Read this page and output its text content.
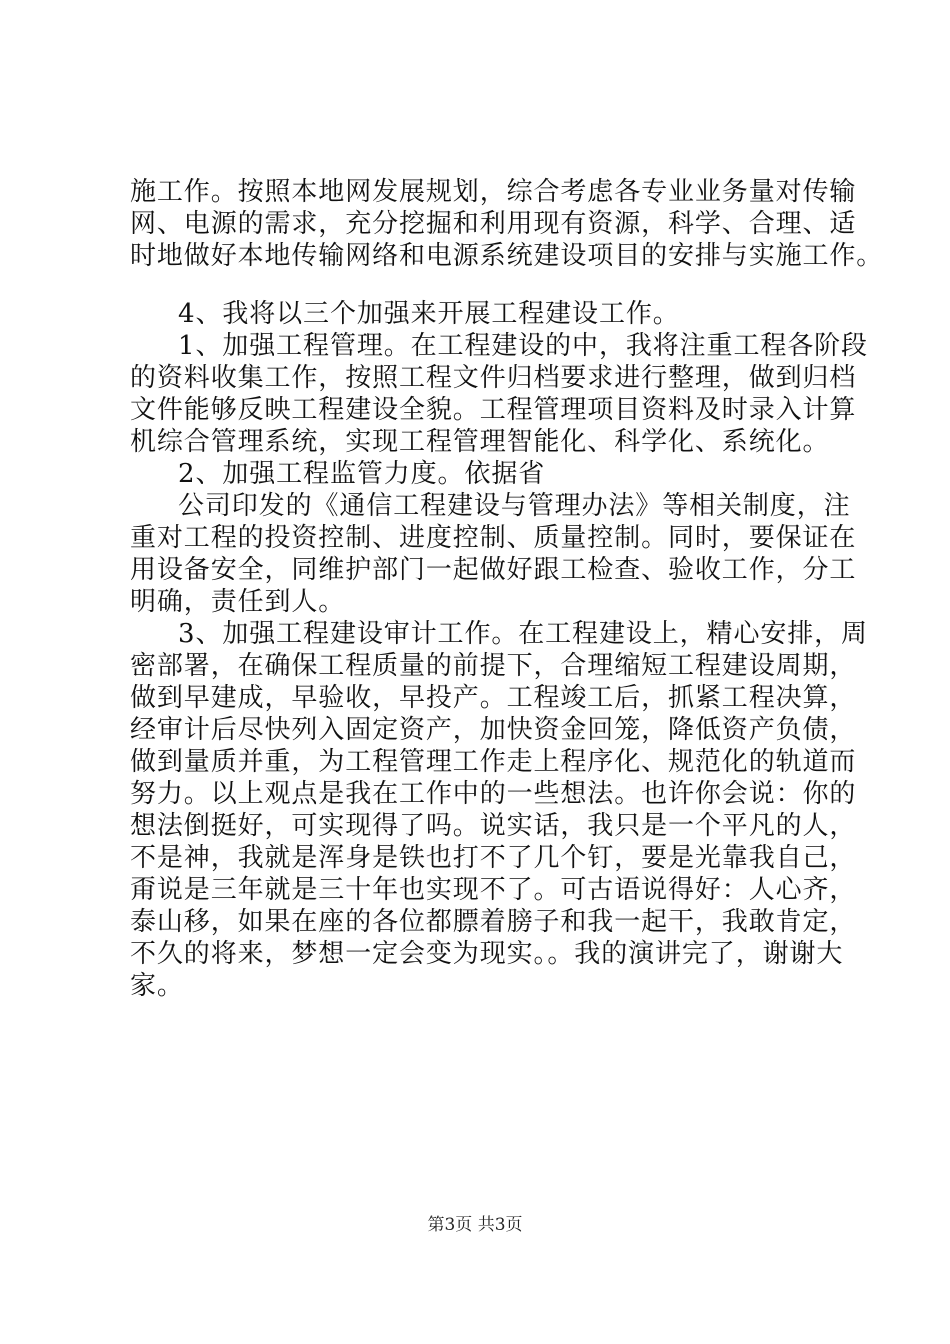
施工作。按照本地网发展规划，综合考虑各专业业务量对传输
网、电源的需求，充分挖掘和利用现有资源，科学、合理、适
时地做好本地传输网络和电源系统建设项目的安排与实施工作。
4、我将以三个加强来开展工程建设工作。
1、加强工程管理。在工程建设的中，我将注重工程各阶段
的资料收集工作，按照工程文件归档要求进行整理，做到归档
文件能够反映工程建设全貌。工程管理项目资料及时录入计算
机综合管理系统，实现工程管理智能化、科学化、系统化。
2、加强工程监管力度。依据省
公司印发的《通信工程建设与管理办法》等相关制度，注
重对工程的投资控制、进度控制、质量控制。同时，要保证在
用设备安全，同维护部门一起做好跟工检查、验收工作，分工
明确，责任到人。
3、加强工程建设审计工作。在工程建设上，精心安排，周
密部署，在确保工程质量的前提下，合理缩短工程建设周期，
做到早建成，早验收，早投产。工程竣工后，抓紧工程决算，
经审计后尽快列入固定资产，加快资金回笼，降低资产负债，
做到量质并重，为工程管理工作走上程序化、规范化的轨道而
努力。以上观点是我在工作中的一些想法。也许你会说：你的
想法倒挺好，可实现得了吗。说实话，我只是一个平凡的人，
不是神，我就是浑身是铁也打不了几个钉，要是光靠我自己，
甭说是三年就是三十年也实现不了。可古语说得好：人心齐，
泰山移，如果在座的各位都膘着膀子和我一起干，我敢肯定，
不久的将来，梦想一定会变为现实。。我的演讲完了，谢谢大
家。
第3页 共3页
